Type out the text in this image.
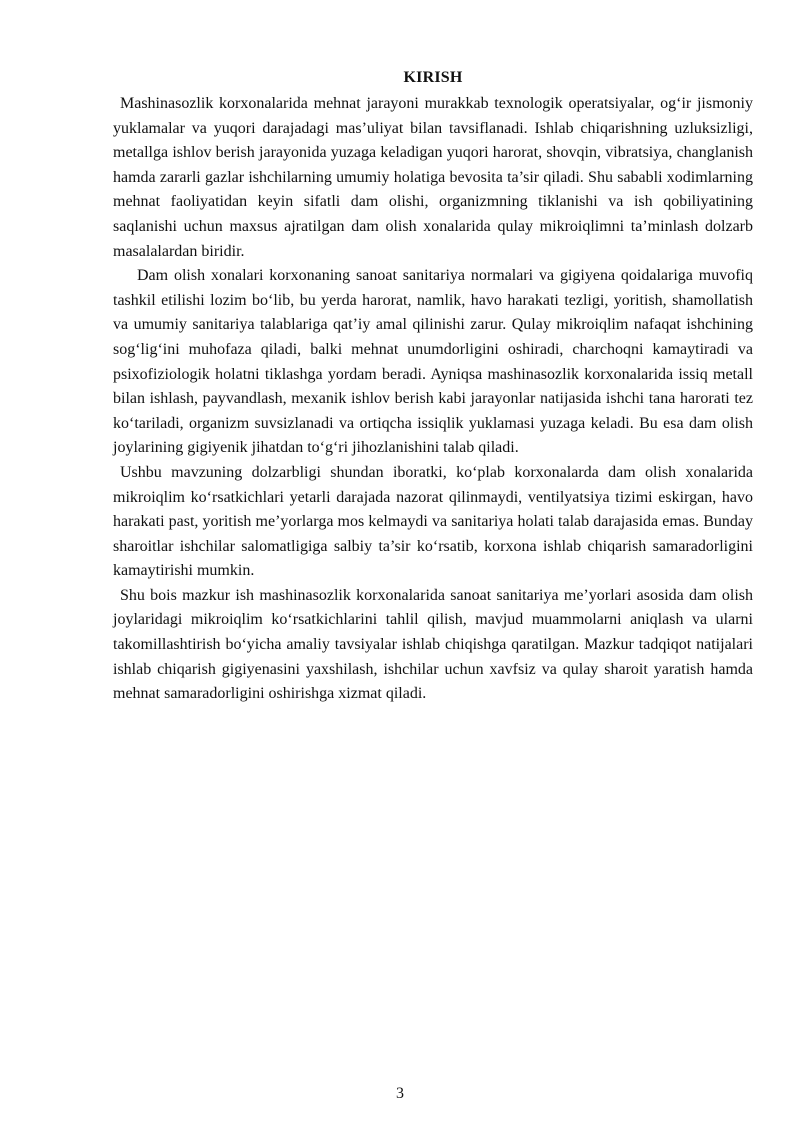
KIRISH

Mashinasozlik korxonalarida mehnat jarayoni murakkab texnologik operatsiyalar, og‘ir jismoniy yuklamalar va yuqori darajadagi mas’uliyat bilan tavsiflanadi. Ishlab chiqarishning uzluksizligi, metallga ishlov berish jarayonida yuzaga keladigan yuqori harorat, shovqin, vibratsiya, changlanish hamda zararli gazlar ishchilarning umumiy holatiga bevosita ta’sir qiladi. Shu sababli xodimlarning mehnat faoliyatidan keyin sifatli dam olishi, organizmning tiklanishi va ish qobiliyatining saqlanishi uchun maxsus ajratilgan dam olish xonalarida qulay mikroiqlimni ta’minlash dolzarb masalalardan biridir.

Dam olish xonalari korxonaning sanoat sanitariya normalari va gigiyena qoidalariga muvofiq tashkil etilishi lozim bo‘lib, bu yerda harorat, namlik, havo harakati tezligi, yoritish, shamollatish va umumiy sanitariya talablariga qat’iy amal qilinishi zarur. Qulay mikroiqlim nafaqat ishchining sog‘lig‘ini muhofaza qiladi, balki mehnat unumdorligini oshiradi, charchoqni kamaytiradi va psixofiziologik holatni tiklashga yordam beradi. Ayniqsa mashinasozlik korxonalarida issiq metall bilan ishlash, payvandlash, mexanik ishlov berish kabi jarayonlar natijasida ishchi tana harorati tez ko‘tariladi, organizm suvsizlanadi va ortiqcha issiqlik yuklamasi yuzaga keladi. Bu esa dam olish joylarining gigiyenik jihatdan to‘g‘ri jihozlanishini talab qiladi.

Ushbu mavzuning dolzarbligi shundan iboratki, ko‘plab korxonalarda dam olish xonalarida mikroiqlim ko‘rsatkichlari yetarli darajada nazorat qilinmaydi, ventilyatsiya tizimi eskirgan, havo harakati past, yoritish me’yorlarga mos kelmaydi va sanitariya holati talab darajasida emas. Bunday sharoitlar ishchilar salomatligiga salbiy ta’sir ko‘rsatib, korxona ishlab chiqarish samaradorligini kamaytirishi mumkin.

Shu bois mazkur ish mashinasozlik korxonalarida sanoat sanitariya me’yorlari asosida dam olish joylaridagi mikroiqlim ko‘rsatkichlarini tahlil qilish, mavjud muammolarni aniqlash va ularni takomillashtirish bo‘yicha amaliy tavsiyalar ishlab chiqishga qaratilgan. Mazkur tadqiqot natijalari ishlab chiqarish gigiyenasini yaxshilash, ishchilar uchun xavfsiz va qulay sharoit yaratish hamda mehnat samaradorligini oshirishga xizmat qiladi.

3
